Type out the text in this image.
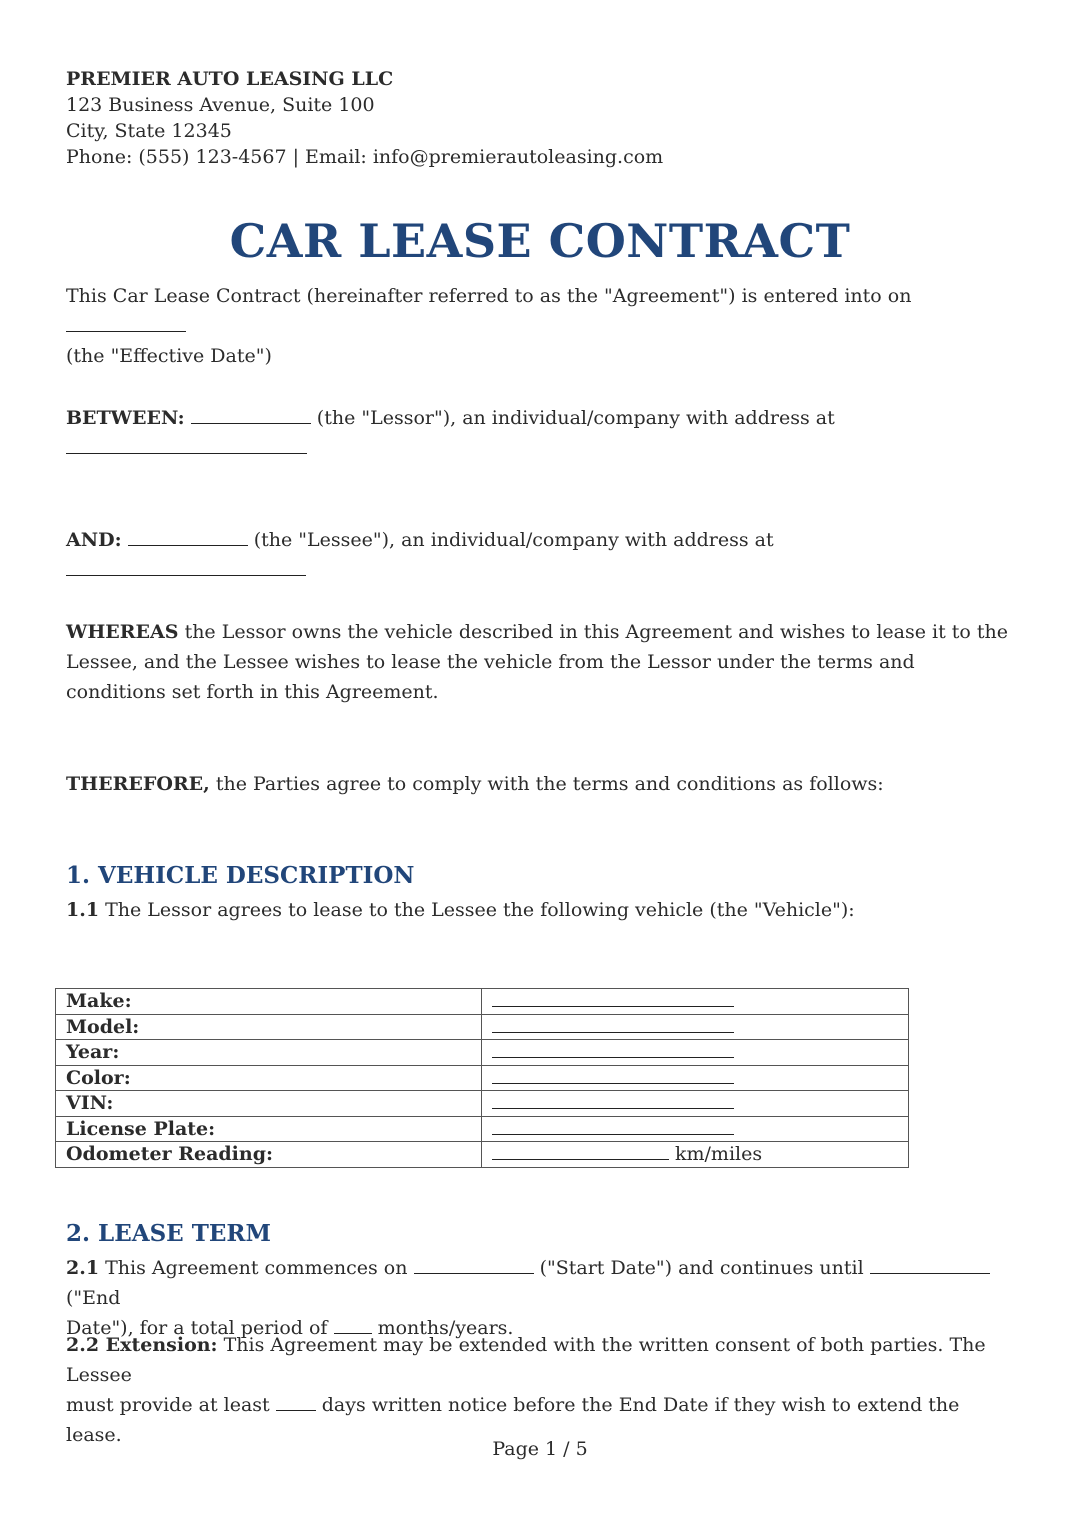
PREMIER AUTO LEASING LLC
123 Business Avenue, Suite 100
City, State 12345
Phone: (555) 123-4567 | Email: info@premierautoleasing.com
CAR LEASE CONTRACT
This Car Lease Contract (hereinafter referred to as the "Agreement") is entered into on
(the "Effective Date")
BETWEEN:	(the "Lessor"), an individual/company with address at

AND:	(the "Lessee"), an individual/company with address at
WHEREAS the Lessor owns the vehicle described in this Agreement and wishes to lease it to the Lessee, and the Lessee wishes to lease the vehicle from the Lessor under the terms and conditions set forth in this Agreement.
THEREFORE, the Parties agree to comply with the terms and conditions as follows:
1. VEHICLE DESCRIPTION
1.1 The Lessor agrees to lease to the Lessee the following vehicle (the "Vehicle"):
Make:	
Model:	
Year:	
Color:	
VIN:	
License Plate:	
Odometer Reading:	km/miles
2. LEASE TERM
2.1 This Agreement commences on	("Start Date") and continues until  ("End
Date"), for a total period of	months/years.
2.2 Extension: This Agreement may be extended with the written consent of both parties. The Lessee
must provide at least	days written notice before the End Date if they wish to extend the lease.
Page 1 / 5
